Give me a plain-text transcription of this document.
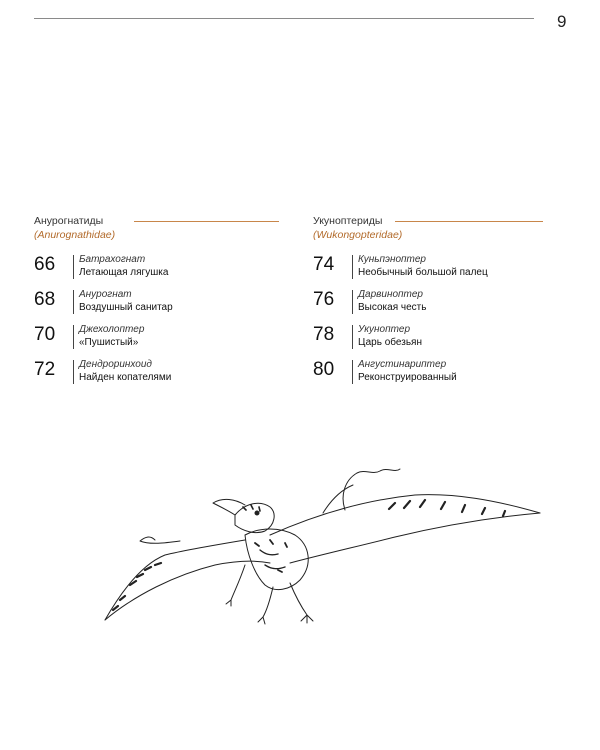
9
Анурогнатиды
(Anurognathidae)
66	Батрахогнат
Летающая лягушка
68	Анурогнат
Воздушный санитар
70	Джехолоптер
«Пушистый»
72	Дендроринхоид
Найден копателями
Укуноптериды
(Wukongopteridae)
74	Куньпэноптер
Необычный большой палец
76	Дарвиноптер
Высокая честь
78	Укуноптер
Царь обезьян
80	Ангустинариптер
Реконструированный
